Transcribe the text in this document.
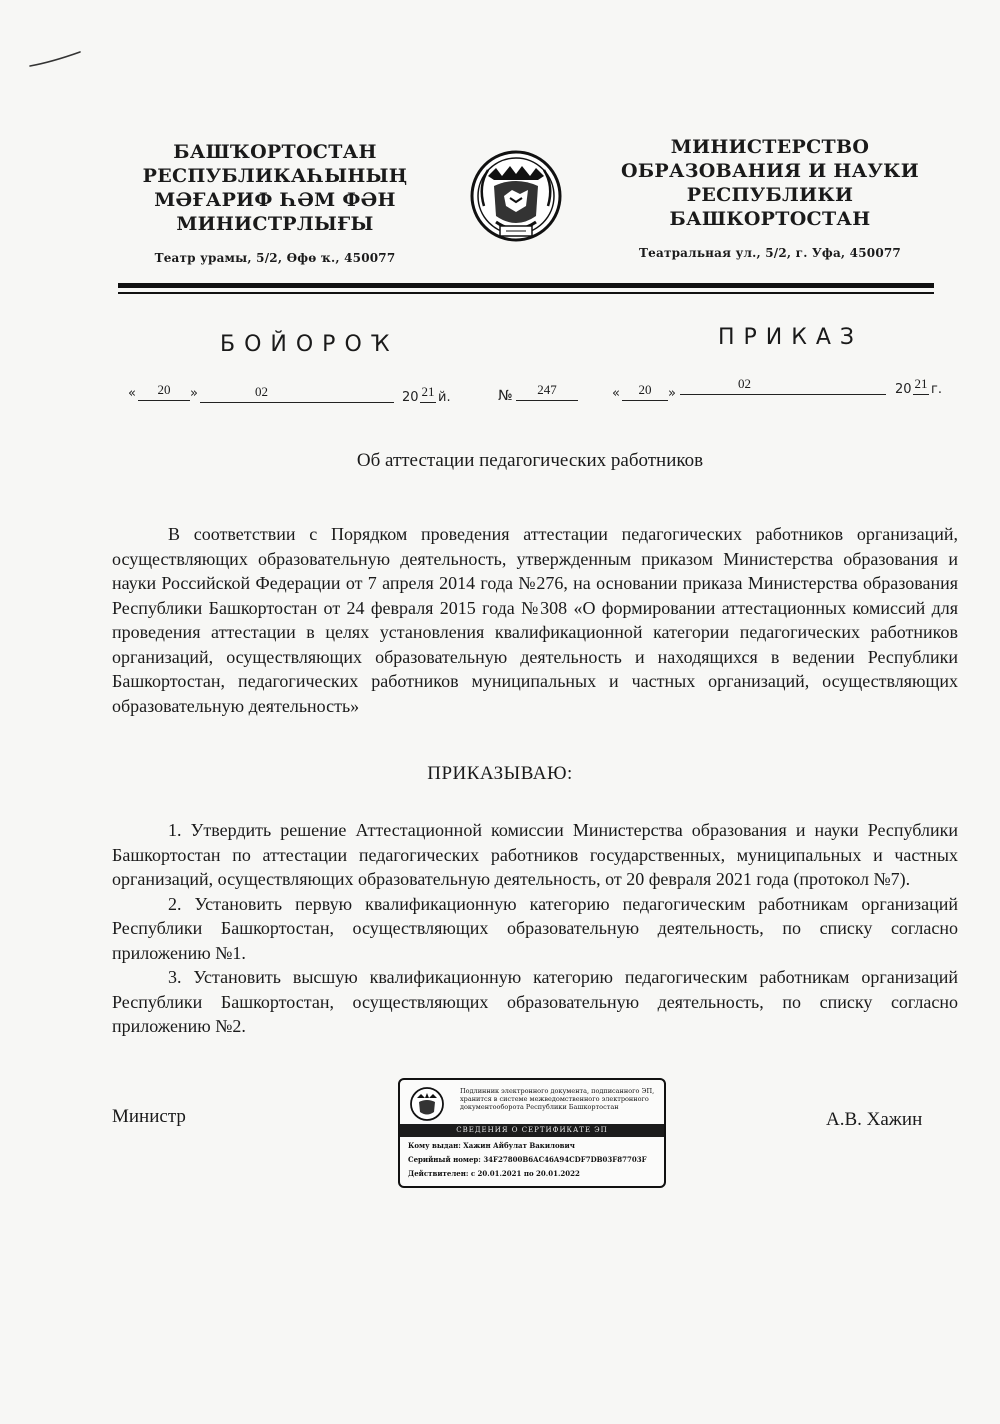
БАШҠОРТОСТАН
РЕСПУБЛИКАҺЫНЫҢ
МӘҒАРИФ ҺӘМ ФӘН
МИНИСТРЛЫҒЫ
Театр урамы, 5/2, Өфө ҡ., 450077
МИНИСТЕРСТВО
ОБРАЗОВАНИЯ И НАУКИ
РЕСПУБЛИКИ
БАШКОРТОСТАН
Театральная ул., 5/2, г. Уфа, 450077
БОЙОРОҠ	ПРИКАЗ
«	20	»	02	20 21 й.	№	247	«	20	»
02	20 21 г.
Об аттестации педагогических работников

В соответствии с Порядком проведения аттестации педагогических работников организаций, осуществляющих образовательную деятельность, утвержденным приказом Министерства образования и науки Российской Федерации от 7 апреля 2014 года №276, на основании приказа Министерства образования Республики Башкортостан от 24 февраля 2015 года №308 «О формировании аттестационных комиссий для проведения аттестации в целях установления квалификационной категории педагогических работников организаций, осуществляющих образовательную деятельность и находящихся в ведении Республики Башкортостан, педагогических работников муниципальных и частных организаций, осуществляющих образовательную деятельность»

ПРИКАЗЫВАЮ:

1. Утвердить решение Аттестационной комиссии Министерства образования и науки Республики Башкортостан по аттестации педагогических работников государственных, муниципальных и частных организаций, осуществляющих образовательную деятельность, от 20 февраля 2021 года (протокол №7).

2. Установить первую квалификационную категорию педагогическим работникам организаций Республики Башкортостан, осуществляющих образовательную деятельность, по списку согласно приложению №1.

3. Установить высшую квалификационную категорию педагогическим работникам организаций Республики Башкортостан, осуществляющих образовательную деятельность, по списку согласно приложению №2.

Министр	А.В. Хажин
Подлинник электронного документа, подписанного ЭП, хранится в системе межведомственного электронного документооборота Республики Башкортостан
СВЕДЕНИЯ О СЕРТИФИКАТЕ ЭП
Кому выдан: Хажин Айбулат Вакилович
Серийный номер: 34F27800B6AC46A94CDF7DB03F87703F
Действителен: с 20.01.2021 по 20.01.2022
